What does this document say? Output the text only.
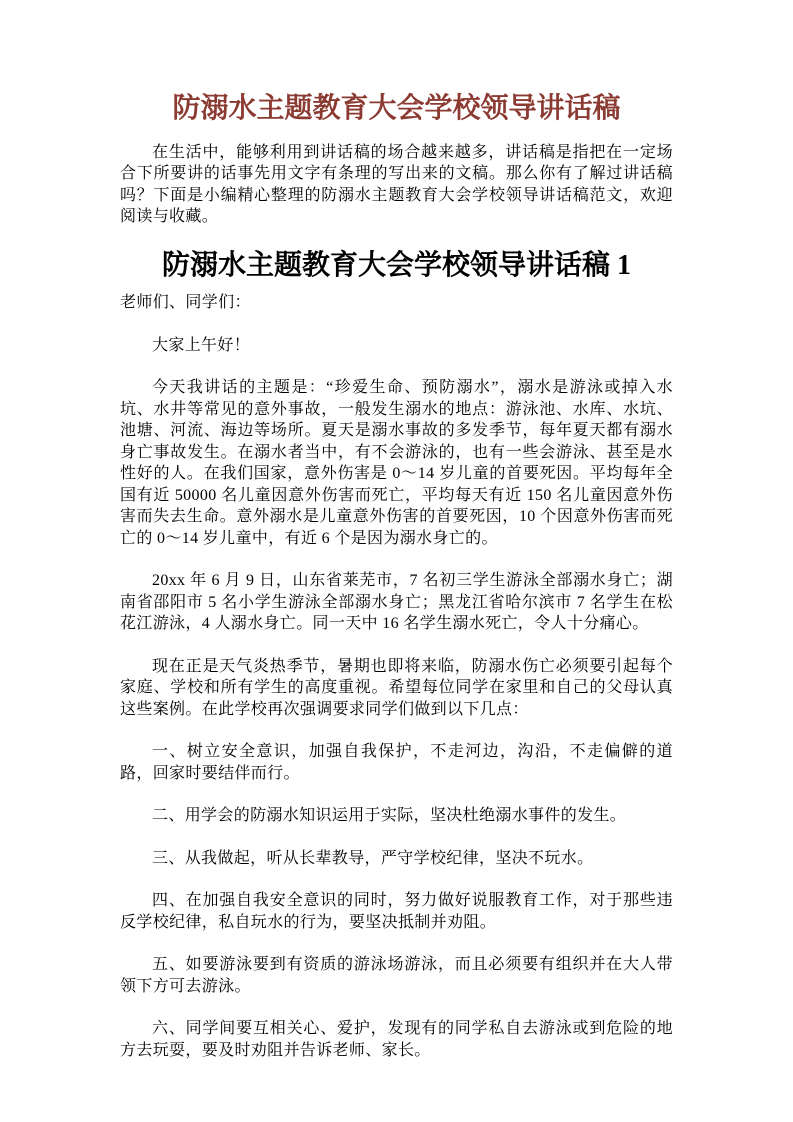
防溺水主题教育大会学校领导讲话稿

在生活中，能够利用到讲话稿的场合越来越多，讲话稿是指把在一定场合下所要讲的话事先用文字有条理的写出来的文稿。那么你有了解过讲话稿吗？下面是小编精心整理的防溺水主题教育大会学校领导讲话稿范文，欢迎阅读与收藏。

防溺水主题教育大会学校领导讲话稿 1

老师们、同学们：

大家上午好！

今天我讲话的主题是：“珍爱生命、预防溺水”，溺水是游泳或掉入水坑、水井等常见的意外事故，一般发生溺水的地点：游泳池、水库、水坑、池塘、河流、海边等场所。夏天是溺水事故的多发季节，每年夏天都有溺水身亡事故发生。在溺水者当中，有不会游泳的，也有一些会游泳、甚至是水性好的人。在我们国家，意外伤害是 0～14 岁儿童的首要死因。平均每年全国有近 50000 名儿童因意外伤害而死亡，平均每天有近 150 名儿童因意外伤害而失去生命。意外溺水是儿童意外伤害的首要死因，10 个因意外伤害而死亡的 0～14 岁儿童中，有近 6 个是因为溺水身亡的。

20xx 年 6 月 9 日，山东省莱芜市，7 名初三学生游泳全部溺水身亡；湖南省邵阳市 5 名小学生游泳全部溺水身亡；黑龙江省哈尔滨市 7 名学生在松花江游泳，4 人溺水身亡。同一天中 16 名学生溺水死亡，令人十分痛心。

现在正是天气炎热季节，暑期也即将来临，防溺水伤亡必须要引起每个家庭、学校和所有学生的高度重视。希望每位同学在家里和自己的父母认真这些案例。在此学校再次强调要求同学们做到以下几点：

一、树立安全意识，加强自我保护，不走河边，沟沿，不走偏僻的道路，回家时要结伴而行。

二、用学会的防溺水知识运用于实际，坚决杜绝溺水事件的发生。

三、从我做起，听从长辈教导，严守学校纪律，坚决不玩水。

四、在加强自我安全意识的同时，努力做好说服教育工作，对于那些违反学校纪律，私自玩水的行为，要坚决抵制并劝阻。

五、如要游泳要到有资质的游泳场游泳，而且必须要有组织并在大人带领下方可去游泳。

六、同学间要互相关心、爱护，发现有的同学私自去游泳或到危险的地方去玩耍，要及时劝阻并告诉老师、家长。
